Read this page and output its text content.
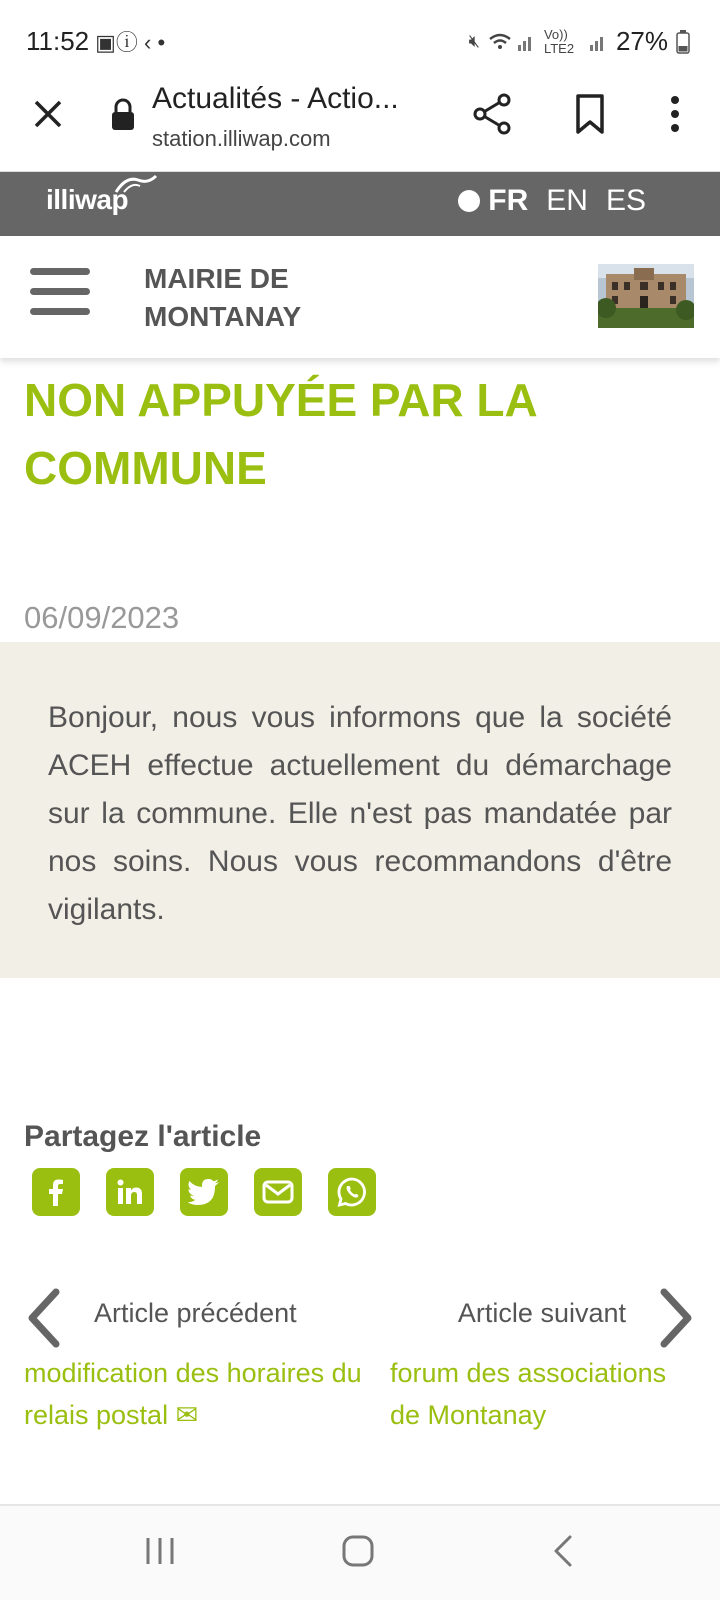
11:52 ▣ⓘ ‹ •	🔇︎	Vo)) LTE2 27%
Actualités - Actio...
station.illiwap.com
illiwap	FR EN ES
MAIRIE DE MONTANAY
NON APPUYÉE PAR LA COMMUNE
06/09/2023

Bonjour, nous vous informons que la société ACEH effectue actuellement du démarchage sur la commune. Elle n'est pas mandatée par nos soins. Nous vous recommandons d'être vigilants.

Partagez l'article
Article précédent	Article suivant
modification des horaires du relais postal ✉
forum des associations de Montanay
